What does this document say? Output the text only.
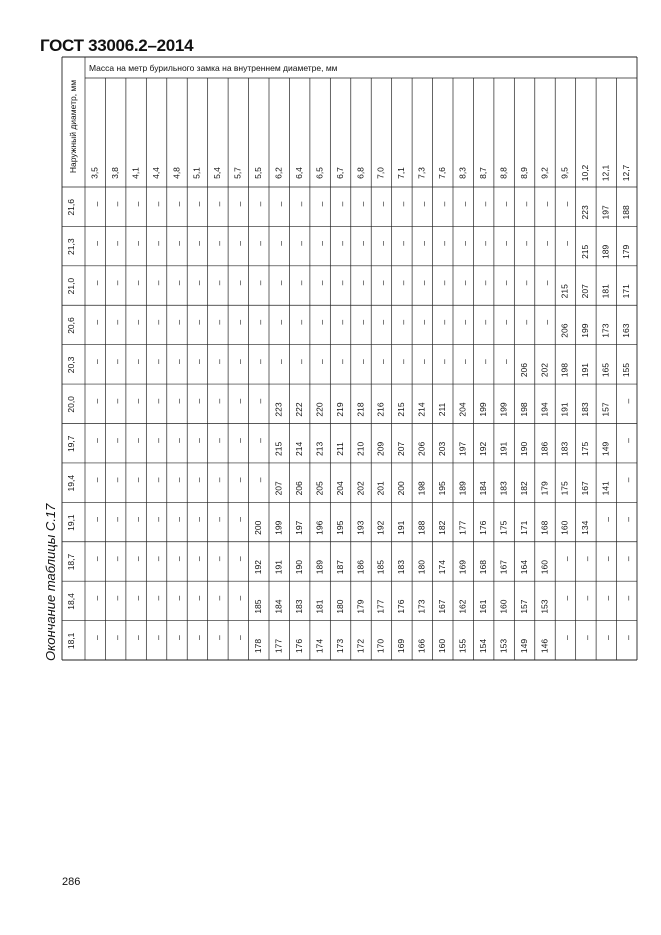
ГОСТ 33006.2–2014
Окончание таблицы С.17
286
Масса на метр бурильного замка на внутреннем диаметре, мм
Наружный диаметр, мм 3,5 3,8 4,1 4,4 4,8 5,1 5,4 5,7 5,5 6,2 6,4 6,5 6,7 6,8 7,0 7,1 7,3 7,6 8,3 8,7 8,8 8,9 9,2 9,5 10,2 12,1 12,7
21,6 – – – – – – – – – – – – – – – – – – – – – – – –
223 197 188
21,3 – – – – – – – – – – – – – – – – – – – – – – – –
215 189 179
21,0 – – – – – – – – – – – – – – – – – – – – – – –
215 207 181 171
20,6 – – – – – – – – – – – – – – – – – – – – – – –
206 199 173 163
20,3 – – – – – – – – – – – – – – – – – – – – –
206 202 198 191 165 155
20,0 – – – – – – – – –
223 222 220 219 218 216 215 214 211 204 199 199 198 194 191 183 157
–
19,7 – – – – – – – – –
215 214 213 211 210 209 207 206 203 197 192 191 190 186 183 175 149
–
19,4 – – – – – – – – –
207 206 205 204 202 201 200 198 195 189 184 183 182 179 175 167 141
–
19,1 – – – – – – – –
200 199 197 196 195 193 192 191 188 182 177 176 175 171 168 160 134
– –
18,7 – – – – – – – –
192 191 190 189 187 186 185 183 180 174 169 168 167 164 160
– – – –
18,4 – – – – – – – –
185 184 183 181 180 179 177 176 173 167 162 161 160 157 153
– – – –
18,1 – – – – – – – –
178 177 176 174 173 172 170 169 166 160 155 154 153 149 146
– – – –
